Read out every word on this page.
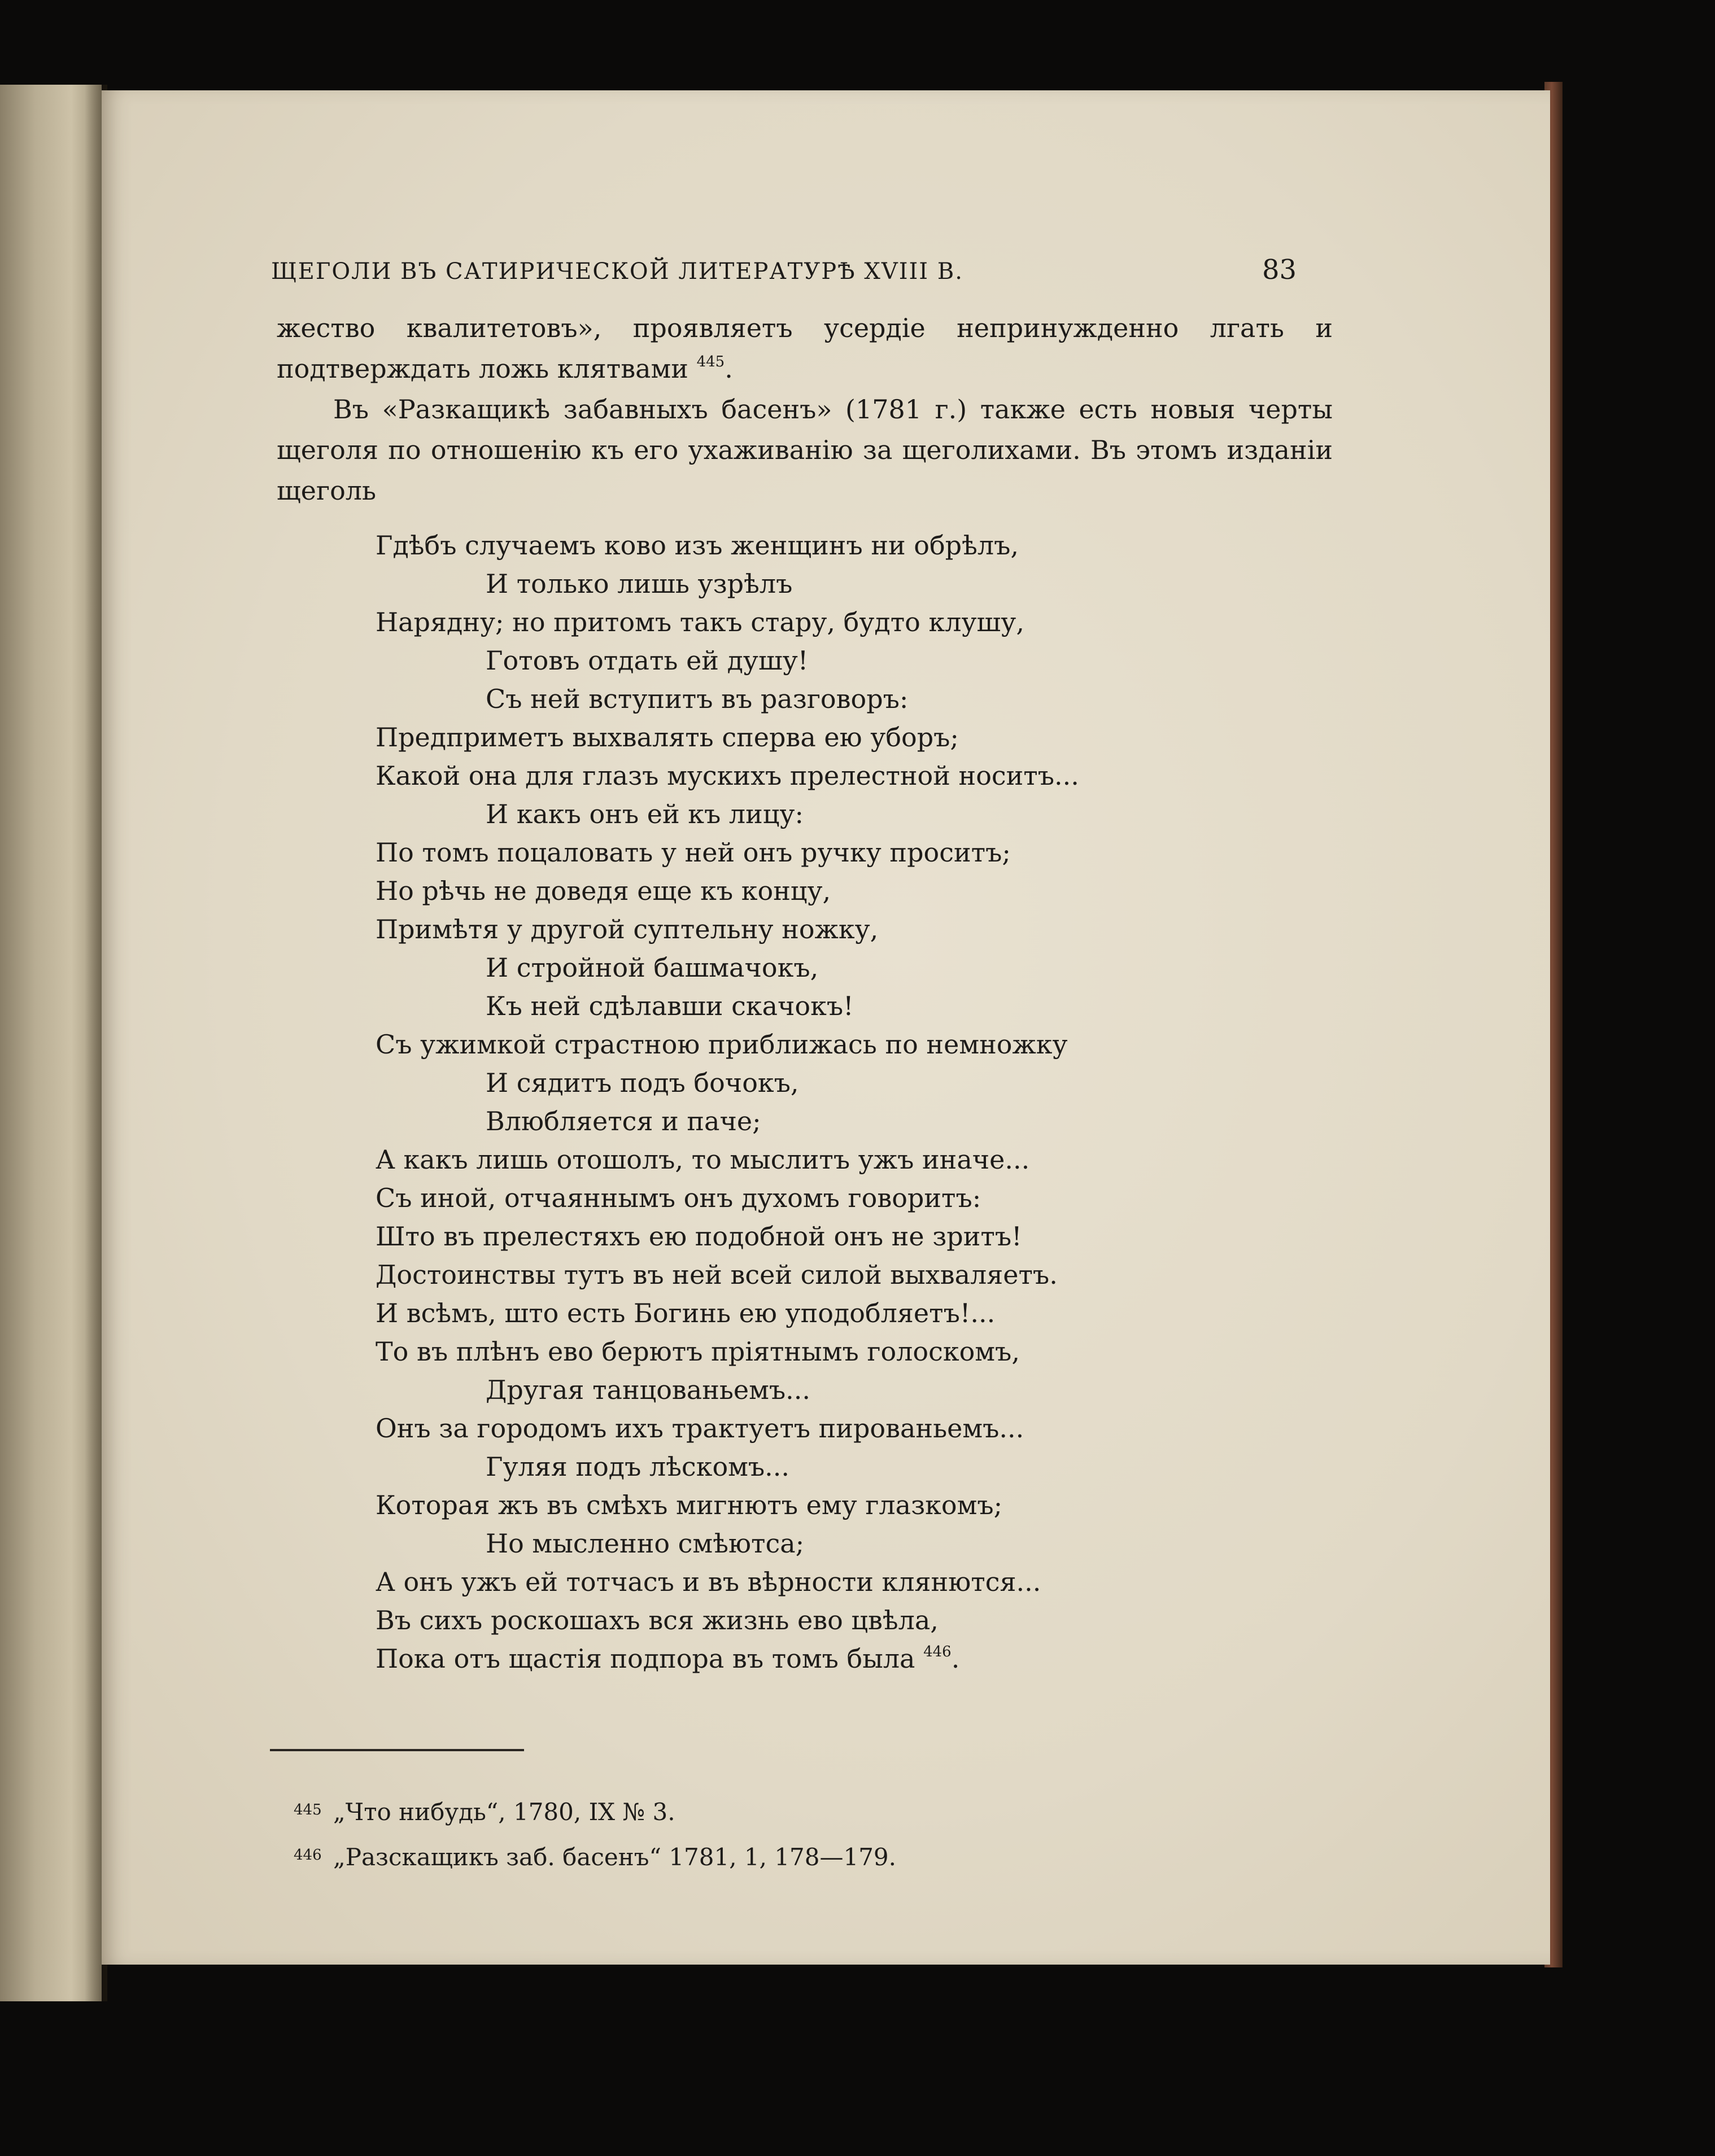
ЩЕГОЛИ ВЪ САТИРИЧЕСКОЙ ЛИТЕРАТУРѢ XVIII В.	83

жество квалитетовъ», проявляетъ усердіе непринужденно лгать и подтверждать ложь клятвами $^{445}$.

Въ «Разкащикѣ забавныхъ басенъ» (1781 г.) также есть новыя черты щеголя по отношенію къ его ухаживанію за щеголихами. Въ этомъ изданіи щеголь

Гдѣбъ случаемъ ково изъ женщинъ ни обрѣлъ,
И только лишь узрѣлъ
Нарядну; но притомъ такъ стару, будто клушу,
Готовъ отдать ей душу!
Съ ней вступитъ въ разговоръ:
Предприметъ выхвалять сперва ею уборъ;
Какой она для глазъ мускихъ прелестной носитъ...
И какъ онъ ей къ лицу:
По томъ поцаловать у ней онъ ручку проситъ;
Но рѣчь не доведя еще къ концу,
Примѣтя у другой суптельну ножку,
И стройной башмачокъ,
Къ ней сдѣлавши скачокъ!
Съ ужимкой страстною приближась по немножку
И сядитъ подъ бочокъ,
Влюбляется и паче;
А какъ лишь отошолъ, то мыслитъ ужъ иначе...
Съ иной, отчаяннымъ онъ духомъ говоритъ:
Што въ прелестяхъ ею подобной онъ не зритъ!
Достоинствы тутъ въ ней всей силой выхваляетъ.
И всѣмъ, што есть Богинь ею уподобляетъ!...
То въ плѣнъ ево берютъ пріятнымъ голоскомъ,
Другая танцованьемъ...
Онъ за городомъ ихъ трактуетъ пированьемъ...
Гуляя подъ лѣскомъ...
Которая жъ въ смѣхъ мигнютъ ему глазкомъ;
Но мысленно смѣютса;
А онъ ужъ ей тотчасъ и въ вѣрности клянются...
Въ сихъ роскошахъ вся жизнь ево цвѣла,
Пока отъ щастія подпора въ томъ была $^{446}$.
445 „Что нибудь“, 1780, IX № 3.
446 „Разскащикъ заб. басенъ“ 1781, 1, 178—179.
